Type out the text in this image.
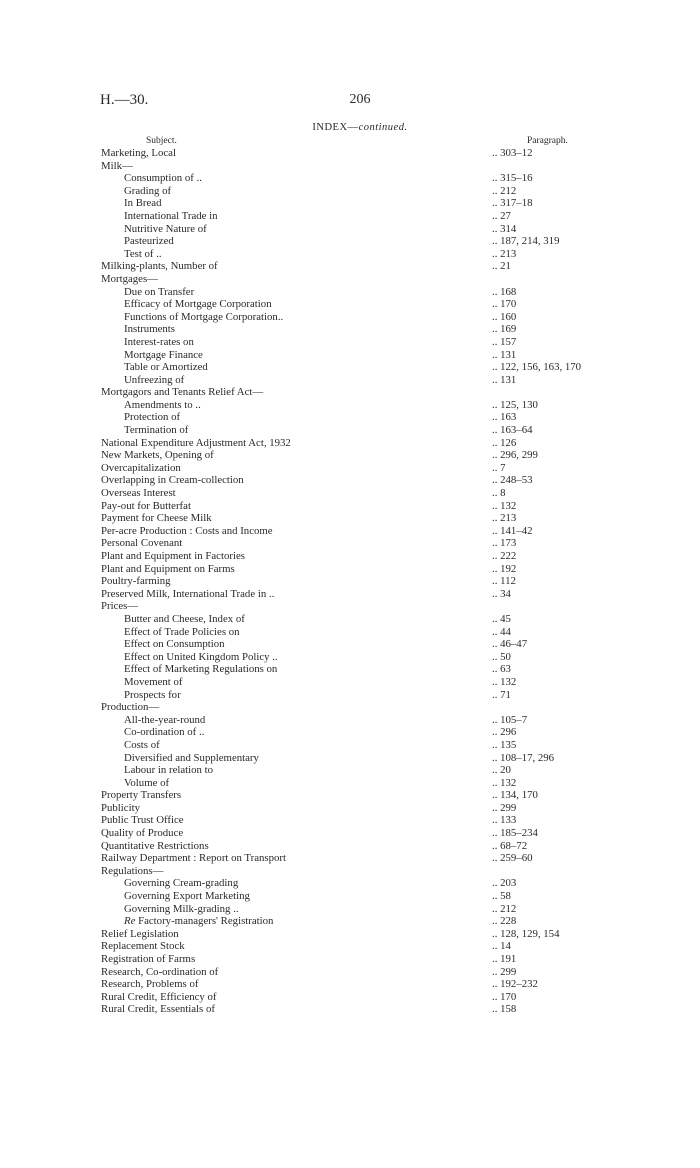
H.—30.	206
INDEX—continued.
Subject.	Paragraph.
Marketing, Local	.. 303–12
Milk—
Consumption of ..	.. 315–16
Grading of	.. 212
In Bread	.. 317–18
International Trade in	.. 27
Nutritive Nature of	.. 314
Pasteurized	.. 187, 214, 319
Test of ..	.. 213
Milking-plants, Number of	.. 21
Mortgages—
Due on Transfer	.. 168
Efficacy of Mortgage Corporation	.. 170
Functions of Mortgage Corporation..	.. 160
Instruments	.. 169
Interest-rates on	.. 157
Mortgage Finance	.. 131
Table or Amortized	.. 122, 156, 163, 170
Unfreezing of	.. 131
Mortgagors and Tenants Relief Act—
Amendments to ..	.. 125, 130
Protection of	.. 163
Termination of	.. 163–64
National Expenditure Adjustment Act, 1932	.. 126
New Markets, Opening of	.. 296, 299
Overcapitalization	.. 7
Overlapping in Cream-collection	.. 248–53
Overseas Interest	.. 8
Pay-out for Butterfat	.. 132
Payment for Cheese Milk	.. 213
Per-acre Production : Costs and Income	.. 141–42
Personal Covenant	.. 173
Plant and Equipment in Factories	.. 222
Plant and Equipment on Farms	.. 192
Poultry-farming	.. 112
Preserved Milk, International Trade in ..	.. 34
Prices—
Butter and Cheese, Index of	.. 45
Effect of Trade Policies on	.. 44
Effect on Consumption	.. 46–47
Effect on United Kingdom Policy ..	.. 50
Effect of Marketing Regulations on	.. 63
Movement of	.. 132
Prospects for	.. 71
Production—
All-the-year-round	.. 105–7
Co-ordination of ..	.. 296
Costs of	.. 135
Diversified and Supplementary	.. 108–17, 296
Labour in relation to	.. 20
Volume of	.. 132
Property Transfers	.. 134, 170
Publicity	.. 299
Public Trust Office	.. 133
Quality of Produce	.. 185–234
Quantitative Restrictions	.. 68–72
Railway Department : Report on Transport	.. 259–60
Regulations—
Governing Cream-grading	.. 203
Governing Export Marketing	.. 58
Governing Milk-grading ..	.. 212
Re Factory-managers' Registration	.. 228
Relief Legislation	.. 128, 129, 154
Replacement Stock	.. 14
Registration of Farms	.. 191
Research, Co-ordination of	.. 299
Research, Problems of	.. 192–232
Rural Credit, Efficiency of	.. 170
Rural Credit, Essentials of	.. 158
